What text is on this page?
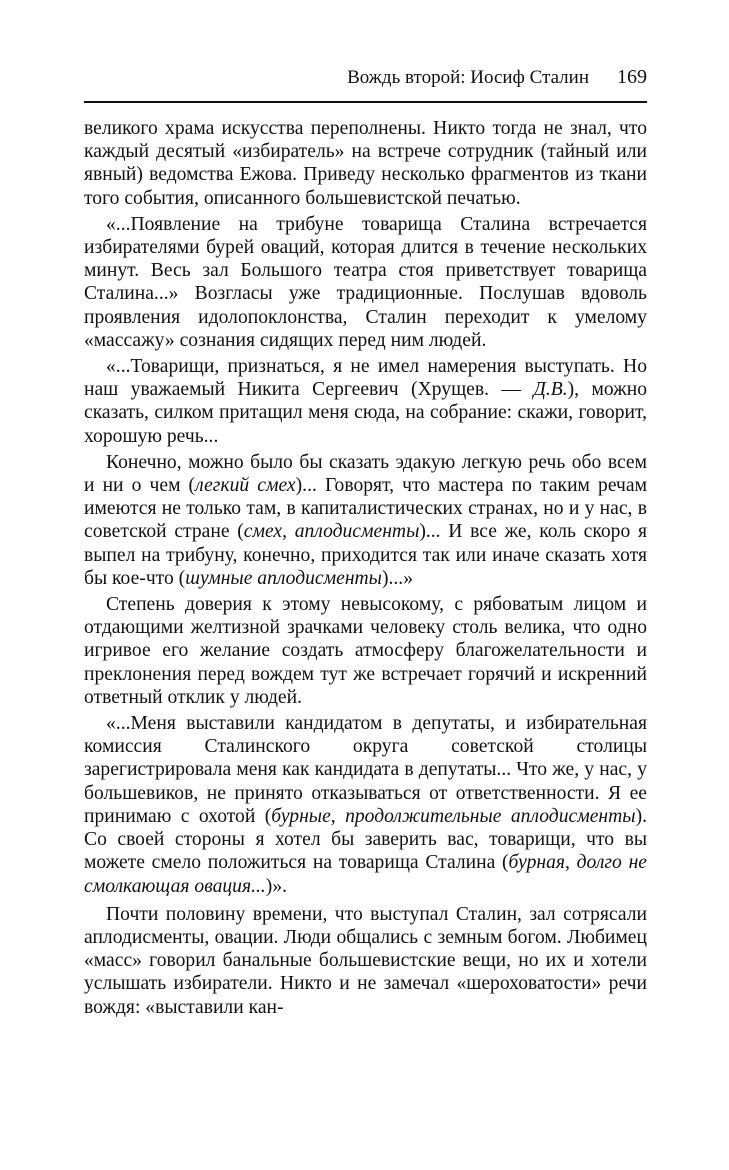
Вождь второй: Иосиф Сталин 169

великого храма искусства переполнены. Никто тогда не знал, что каждый десятый «избиратель» на встрече сотрудник (тайный или явный) ведомства Ежова. Приведу несколько фрагментов из ткани того события, описанного большевистской печатью.

«...Появление на трибуне товарища Сталина встречается избирателями бурей оваций, которая длится в течение нескольких минут. Весь зал Большого театра стоя приветствует товарища Сталина...» Возгласы уже традиционные. Послушав вдоволь проявления идолопоклонства, Сталин переходит к умелому «массажу» сознания сидящих перед ним людей.

«...Товарищи, признаться, я не имел намерения выступать. Но наш уважаемый Никита Сергеевич (Хрущев. — Д.В.), можно сказать, силком притащил меня сюда, на собрание: скажи, говорит, хорошую речь...

Конечно, можно было бы сказать эдакую легкую речь обо всем и ни о чем (легкий смех)... Говорят, что мастера по таким речам имеются не только там, в капиталистических странах, но и у нас, в советской стране (смех, аплодисменты)... И все же, коль скоро я выпел на трибуну, конечно, приходится так или иначе сказать хотя бы кое-что (шумные аплодисменты)...»

Степень доверия к этому невысокому, с рябоватым лицом и отдающими желтизной зрачками человеку столь велика, что одно игривое его желание создать атмосферу благожелательности и преклонения перед вождем тут же встречает горячий и искренний ответный отклик у людей.

«...Меня выставили кандидатом в депутаты, и избирательная комиссия Сталинского округа советской столицы зарегистрировала меня как кандидата в депутаты... Что же, у нас, у большевиков, не принято отказываться от ответственности. Я ее принимаю с охотой (бурные, продолжительные аплодисменты). Со своей стороны я хотел бы заверить вас, товарищи, что вы можете смело положиться на товарища Сталина (бурная, долго не смолкающая овация...)».

Почти половину времени, что выступал Сталин, зал сотрясали аплодисменты, овации. Люди общались с земным богом. Любимец «масс» говорил банальные большевистские вещи, но их и хотели услышать избиратели. Никто и не замечал «шероховатости» речи вождя: «выставили кан-
